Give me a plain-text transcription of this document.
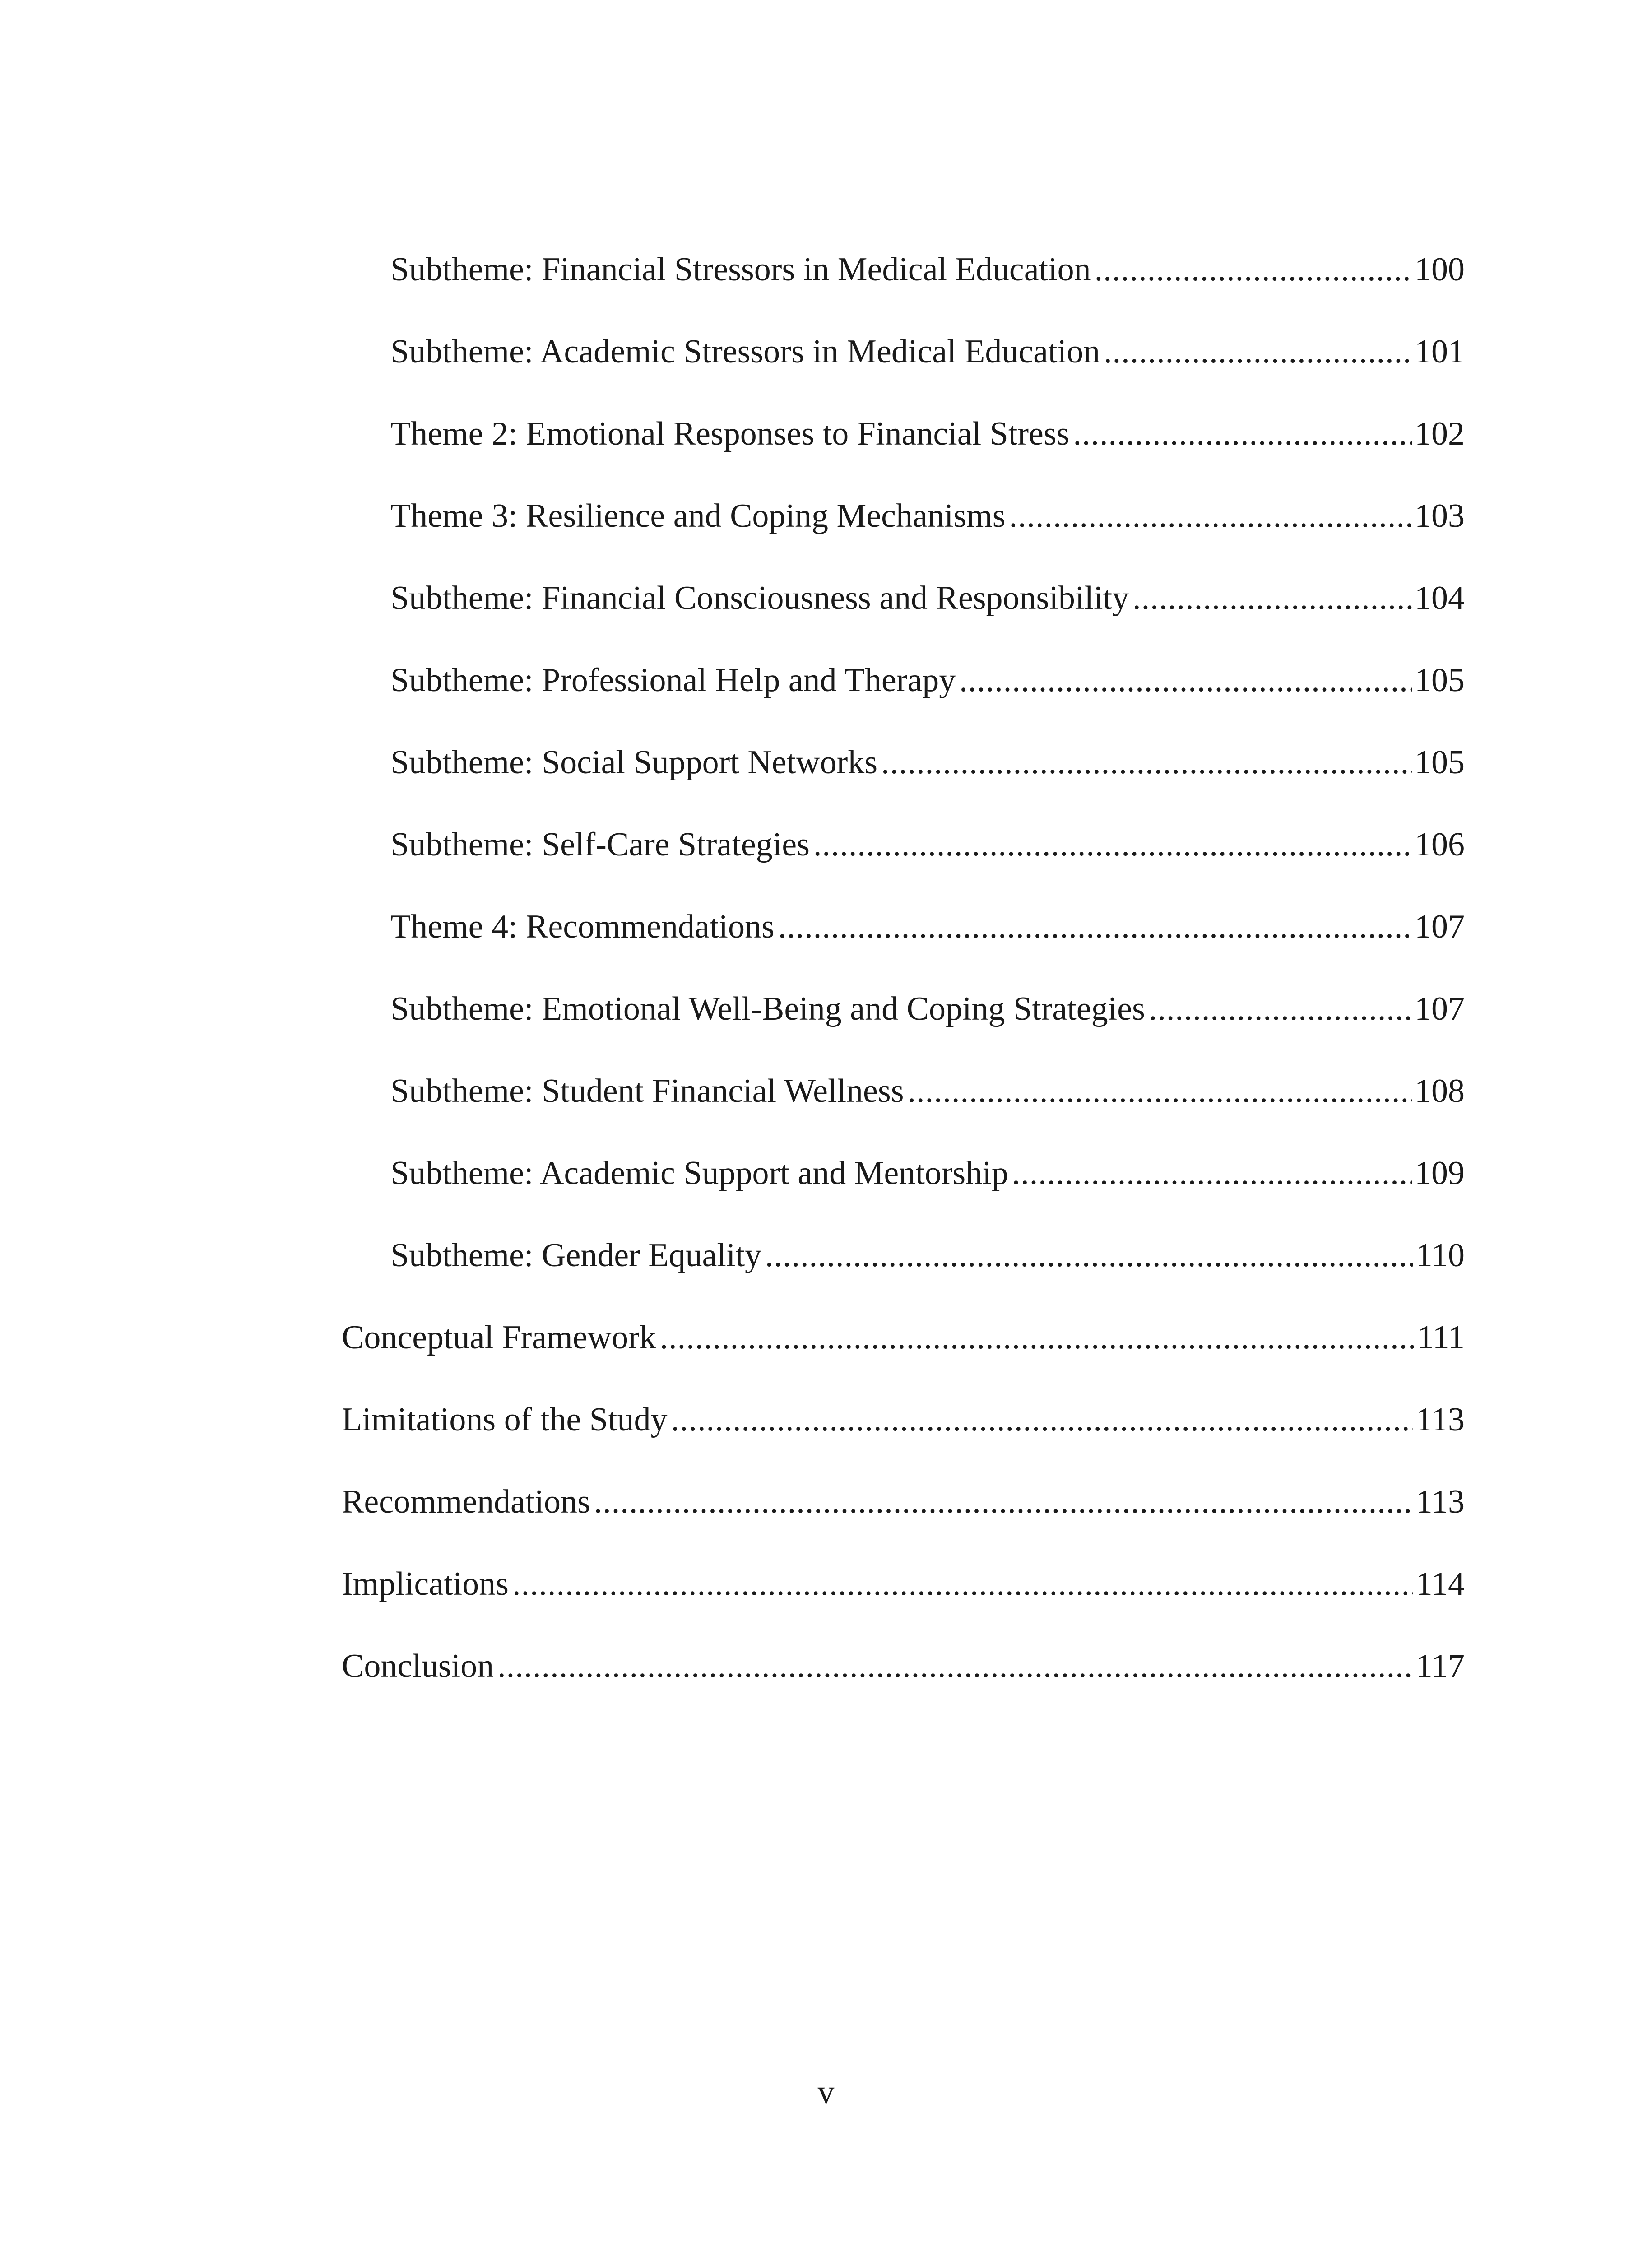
Subtheme: Financial Stressors in Medical Education .....	100
Subtheme: Academic Stressors in Medical Education .....	101
Theme 2: Emotional Responses to Financial Stress .....	102
Theme 3: Resilience and Coping Mechanisms .....	103
Subtheme: Financial Consciousness and Responsibility .....	104
Subtheme: Professional Help and Therapy .....	105
Subtheme: Social Support Networks .....	105
Subtheme: Self-Care Strategies .....	106
Theme 4: Recommendations .....	107
Subtheme: Emotional Well-Being and Coping Strategies .....	107
Subtheme: Student Financial Wellness .....	108
Subtheme: Academic Support and Mentorship .....	109
Subtheme: Gender Equality .....	110
Conceptual Framework .....	111
Limitations of the Study .....	113
Recommendations .....	113
Implications .....	114
Conclusion .....	117
v
